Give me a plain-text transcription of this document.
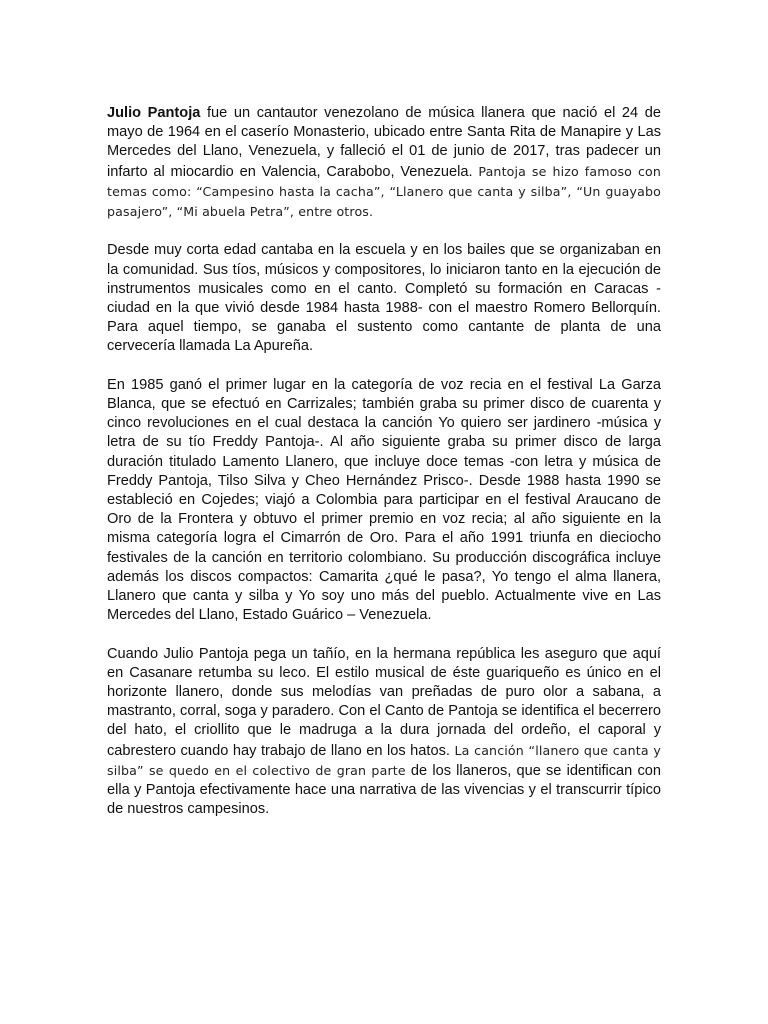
Julio Pantoja fue un cantautor venezolano de música llanera que nació el 24 de mayo de 1964 en el caserío Monasterio, ubicado entre Santa Rita de Manapire y Las Mercedes del Llano, Venezuela, y falleció el 01 de junio de 2017, tras padecer un infarto al miocardio en Valencia, Carabobo, Venezuela. Pantoja se hizo famoso con temas como: “Campesino hasta la cacha”, “Llanero que canta y silba”, “Un guayabo pasajero”, “Mi abuela Petra”, entre otros.

Desde muy corta edad cantaba en la escuela y en los bailes que se organizaban en la comunidad. Sus tíos, músicos y compositores, lo iniciaron tanto en la ejecución de instrumentos musicales como en el canto. Completó su formación en Caracas -ciudad en la que vivió desde 1984 hasta 1988- con el maestro Romero Bellorquín. Para aquel tiempo, se ganaba el sustento como cantante de planta de una cervecería llamada La Apureña.

En 1985 ganó el primer lugar en la categoría de voz recia en el festival La Garza Blanca, que se efectuó en Carrizales; también graba su primer disco de cuarenta y cinco revoluciones en el cual destaca la canción Yo quiero ser jardinero -música y letra de su tío Freddy Pantoja-. Al año siguiente graba su primer disco de larga duración titulado Lamento Llanero, que incluye doce temas -con letra y música de Freddy Pantoja, Tilso Silva y Cheo Hernández Prisco-. Desde 1988 hasta 1990 se estableció en Cojedes; viajó a Colombia para participar en el festival Araucano de Oro de la Frontera y obtuvo el primer premio en voz recia; al año siguiente en la misma categoría logra el Cimarrón de Oro. Para el año 1991 triunfa en dieciocho festivales de la canción en territorio colombiano. Su producción discográfica incluye además los discos compactos: Camarita ¿qué le pasa?, Yo tengo el alma llanera, Llanero que canta y silba y Yo soy uno más del pueblo. Actualmente vive en Las Mercedes del Llano, Estado Guárico – Venezuela.

Cuando Julio Pantoja pega un tañío, en la hermana república les aseguro que aquí en Casanare retumba su leco. El estilo musical de éste guariqueño es único en el horizonte llanero, donde sus melodías van preñadas de puro olor a sabana, a mastranto, corral, soga y paradero. Con el Canto de Pantoja se identifica el becerrero del hato, el criollito que le madruga a la dura jornada del ordeño, el caporal y cabrestero cuando hay trabajo de llano en los hatos. La canción “llanero que canta y silba” se quedo en el colectivo de gran parte de los llaneros, que se identifican con ella y Pantoja efectivamente hace una narrativa de las vivencias y el transcurrir típico de nuestros campesinos.
